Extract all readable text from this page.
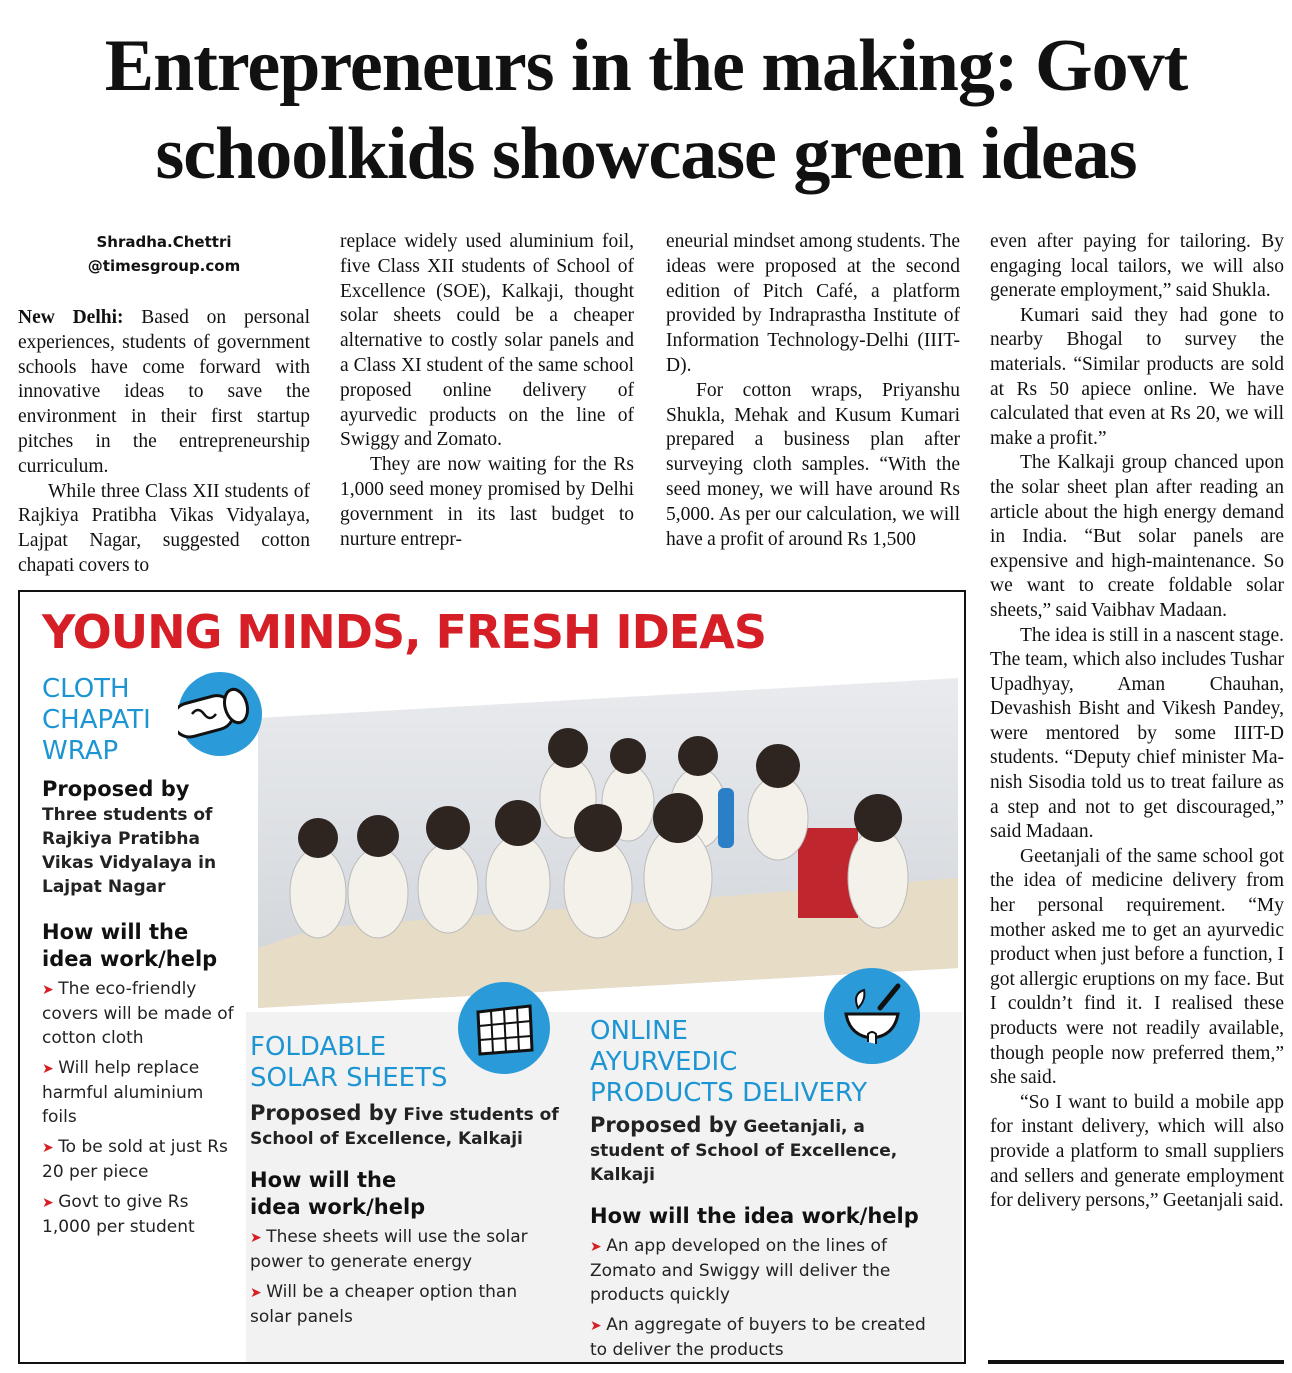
Entrepreneurs in the making: Govt
schoolkids showcase green ideas
Shradha.Chettri
@timesgroup.com

New Delhi: Based on personal experiences, students of government schools have come forward with innovative ideas to save the environment in their first startup pitches in the entrepreneurship curriculum.

While three Class XII students of Rajkiya Pratibha Vikas Vidyalaya, Lajpat Nagar, suggested cotton chapati covers to

replace widely used aluminium foil, five Class XII students of School of Excellence (SOE), Kalkaji, thought solar sheets could be a cheaper alternative to costly solar panels and a Class XI student of the same school proposed online delivery of ayurvedic products on the line of Swiggy and Zomato.

They are now waiting for the Rs 1,000 seed money promised by Delhi government in its last budget to nurture entrepr-

eneurial mindset among students. The ideas were proposed at the second edition of Pitch Café, a platform provided by Indraprastha Institute of Information Technology-Delhi (IIIT-D).

For cotton wraps, Priyanshu Shukla, Mehak and Kusum Kumari prepared a business plan after surveying cloth samples. “With the seed money, we will have around Rs 5,000. As per our calculation, we will have a profit of around Rs 1,500

even after paying for tailoring. By engaging local tailors, we will also generate employment,” said Shukla.

Kumari said they had gone to nearby Bhogal to survey the materials. “Similar products are sold at Rs 50 apiece online. We have calculated that even at Rs 20, we will make a profit.”

The Kalkaji group chanced upon the solar sheet plan after reading an article about the high energy demand in India. “But solar panels are expensive and high-maintenance. So we want to create foldable solar sheets,” said Vaibhav Madaan.

The idea is still in a nascent stage. The team, which also includes Tushar Upadhyay, Aman Chauhan, Devashish Bisht and Vikesh Pandey, were mentored by some IIIT-D students. “Deputy chief minister Manish Sisodia told us to treat failure as a step and not to get discouraged,” said Madaan.

Geetanjali of the same school got the idea of medicine delivery from her personal requirement. “My mother asked me to get an ayurvedic product when just before a function, I got allergic eruptions on my face. But I couldn’t find it. I realised these products were not readily available, though people now preferred them,” she said.

“So I want to build a mobile app for instant delivery, which will also provide a platform to small suppliers and sellers and generate employment for delivery persons,” Geetanjali said.

YOUNG MINDS, FRESH IDEAS
CLOTH
CHAPATI
WRAP
Proposed by
Three students of Rajkiya Pratibha Vikas Vidyalaya in Lajpat Nagar
How will the
idea work/help
➤ The eco-friendly covers will be made of cotton cloth
➤ Will help replace harmful aluminium foils
➤ To be sold at just Rs 20 per piece
➤ Govt to give Rs 1,000 per student
FOLDABLE
SOLAR SHEETS
Proposed by Five students of School of Excellence, Kalkaji
How will the
idea work/help
➤ These sheets will use the solar power to generate energy
➤ Will be a cheaper option than solar panels
ONLINE
AYURVEDIC
PRODUCTS DELIVERY
Proposed by Geetanjali, a student of School of Excellence, Kalkaji
How will the idea work/help
➤ An app developed on the lines of Zomato and Swiggy will deliver the products quickly
➤ An aggregate of buyers to be created to deliver the products
